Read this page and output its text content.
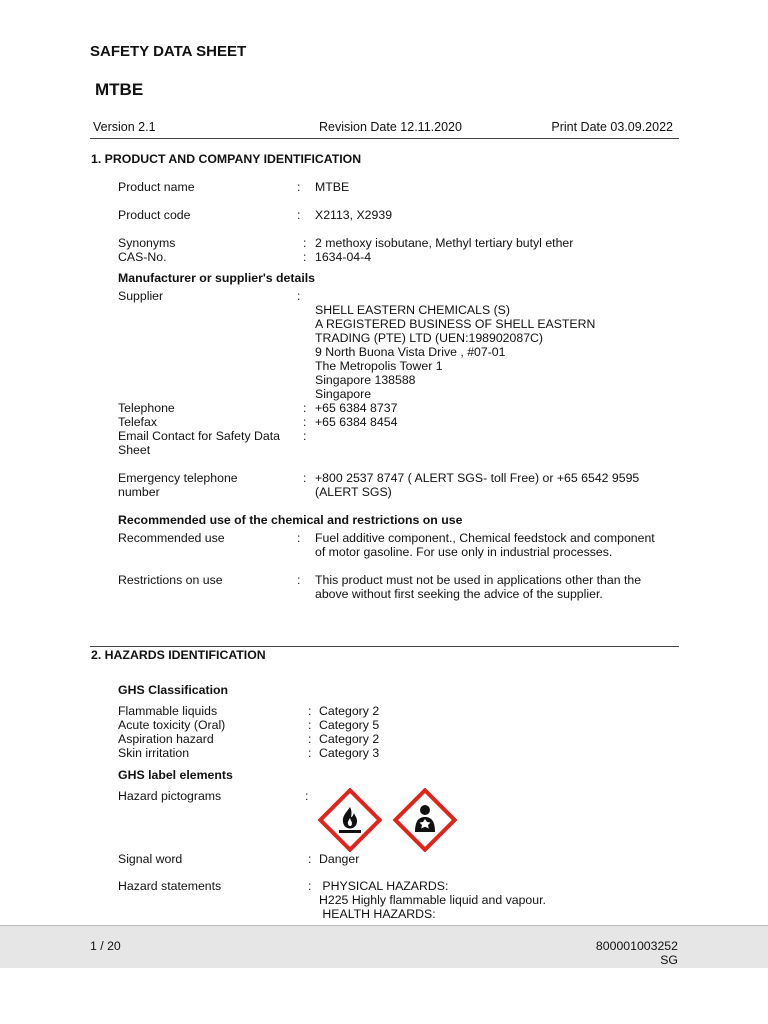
SAFETY DATA SHEET
MTBE
Version 2.1	Revision Date 12.11.2020	Print Date 03.09.2022
1. PRODUCT AND COMPANY IDENTIFICATION
Product name	: MTBE
Product code	: X2113, X2939
Synonyms	: 2 methoxy isobutane, Methyl tertiary butyl ether
CAS-No.	: 1634-04-4
Manufacturer or supplier's details
Supplier	:
SHELL EASTERN CHEMICALS (S)
A REGISTERED BUSINESS OF SHELL EASTERN
TRADING (PTE) LTD (UEN:198902087C)
9 North Buona Vista Drive , #07-01
The Metropolis Tower 1
Singapore 138588
Singapore
Telephone	: +65 6384 8737
Telefax	: +65 6384 8454
Email Contact for Safety Data :
Sheet
Emergency telephone	: +800 2537 8747 ( ALERT SGS- toll Free) or +65 6542 9595
number	(ALERT SGS)
Recommended use of the chemical and restrictions on use
Recommended use	: Fuel additive component., Chemical feedstock and component
of motor gasoline. For use only in industrial processes.
Restrictions on use	: This product must not be used in applications other than the
above without first seeking the advice of the supplier.
2. HAZARDS IDENTIFICATION
GHS Classification
Flammable liquids	: Category 2
Acute toxicity (Oral)	: Category 5
Aspiration hazard	: Category 2
Skin irritation	: Category 3
GHS label elements
Hazard pictograms	:
Signal word	: Danger
Hazard statements	: PHYSICAL HAZARDS:
H225 Highly flammable liquid and vapour.
HEALTH HAZARDS:
1 / 20	800001003252
SG
